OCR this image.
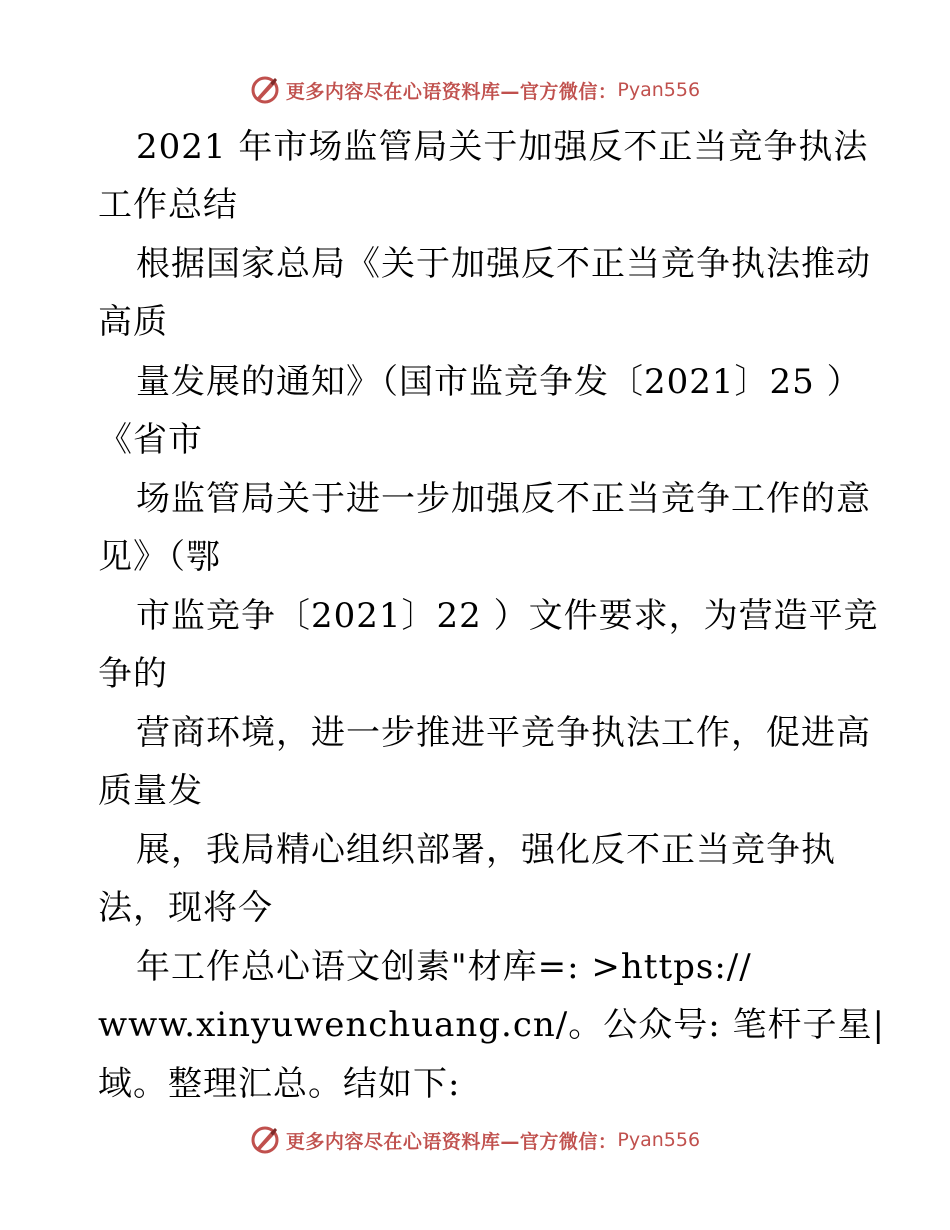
更多内容尽在心语资料库—官方微信： Pyan556
2021 年市场监管局关于加强反不正当竞争执法
工作总结
根据国家总局《关于加强反不正当竞争执法推动
高质
量发展的通知》（国市监竞争发〔2021〕25 ）
《省市
场监管局关于进一步加强反不正当竞争工作的意
见》（鄂
市监竞争〔2021〕22 ）文件要求，为营造平竞
争的
营商环境，进一步推进平竞争执法工作，促进高
质量发
展，我局精心组织部署，强化反不正当竞争执
法，现将今
年工作总心语文创素"材库=: >https://
www.xinyuwenchuang.cn/。公众号: 笔杆子星|
域。整理汇总。结如下:
更多内容尽在心语资料库—官方微信： Pyan556
